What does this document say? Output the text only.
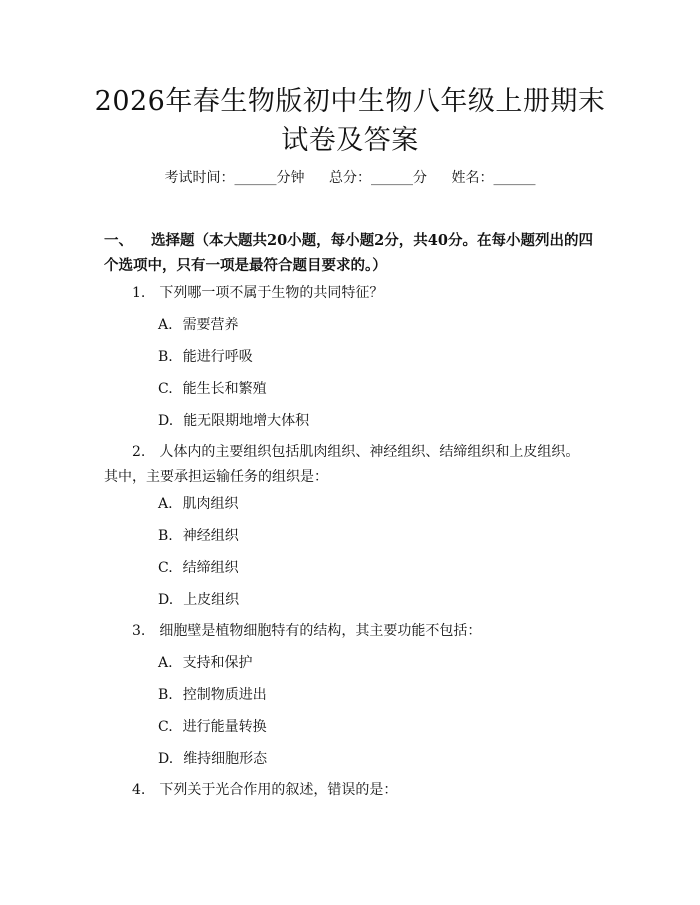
2026年春生物版初中生物八年级上册期末试卷及答案
考试时间：______分钟 总分：______分 姓名：______
一、 选择题（本大题共20小题，每小题2分，共40分。在每小题列出的四个选项中，只有一项是最符合题目要求的。）
1. 下列哪一项不属于生物的共同特征？
A. 需要营养
B. 能进行呼吸
C. 能生长和繁殖
D. 能无限期地增大体积
2. 人体内的主要组织包括肌肉组织、神经组织、结缔组织和上皮组织。其中，主要承担运输任务的组织是：
A. 肌肉组织
B. 神经组织
C. 结缔组织
D. 上皮组织
3. 细胞壁是植物细胞特有的结构，其主要功能不包括：
A. 支持和保护
B. 控制物质进出
C. 进行能量转换
D. 维持细胞形态
4. 下列关于光合作用的叙述，错误的是：
